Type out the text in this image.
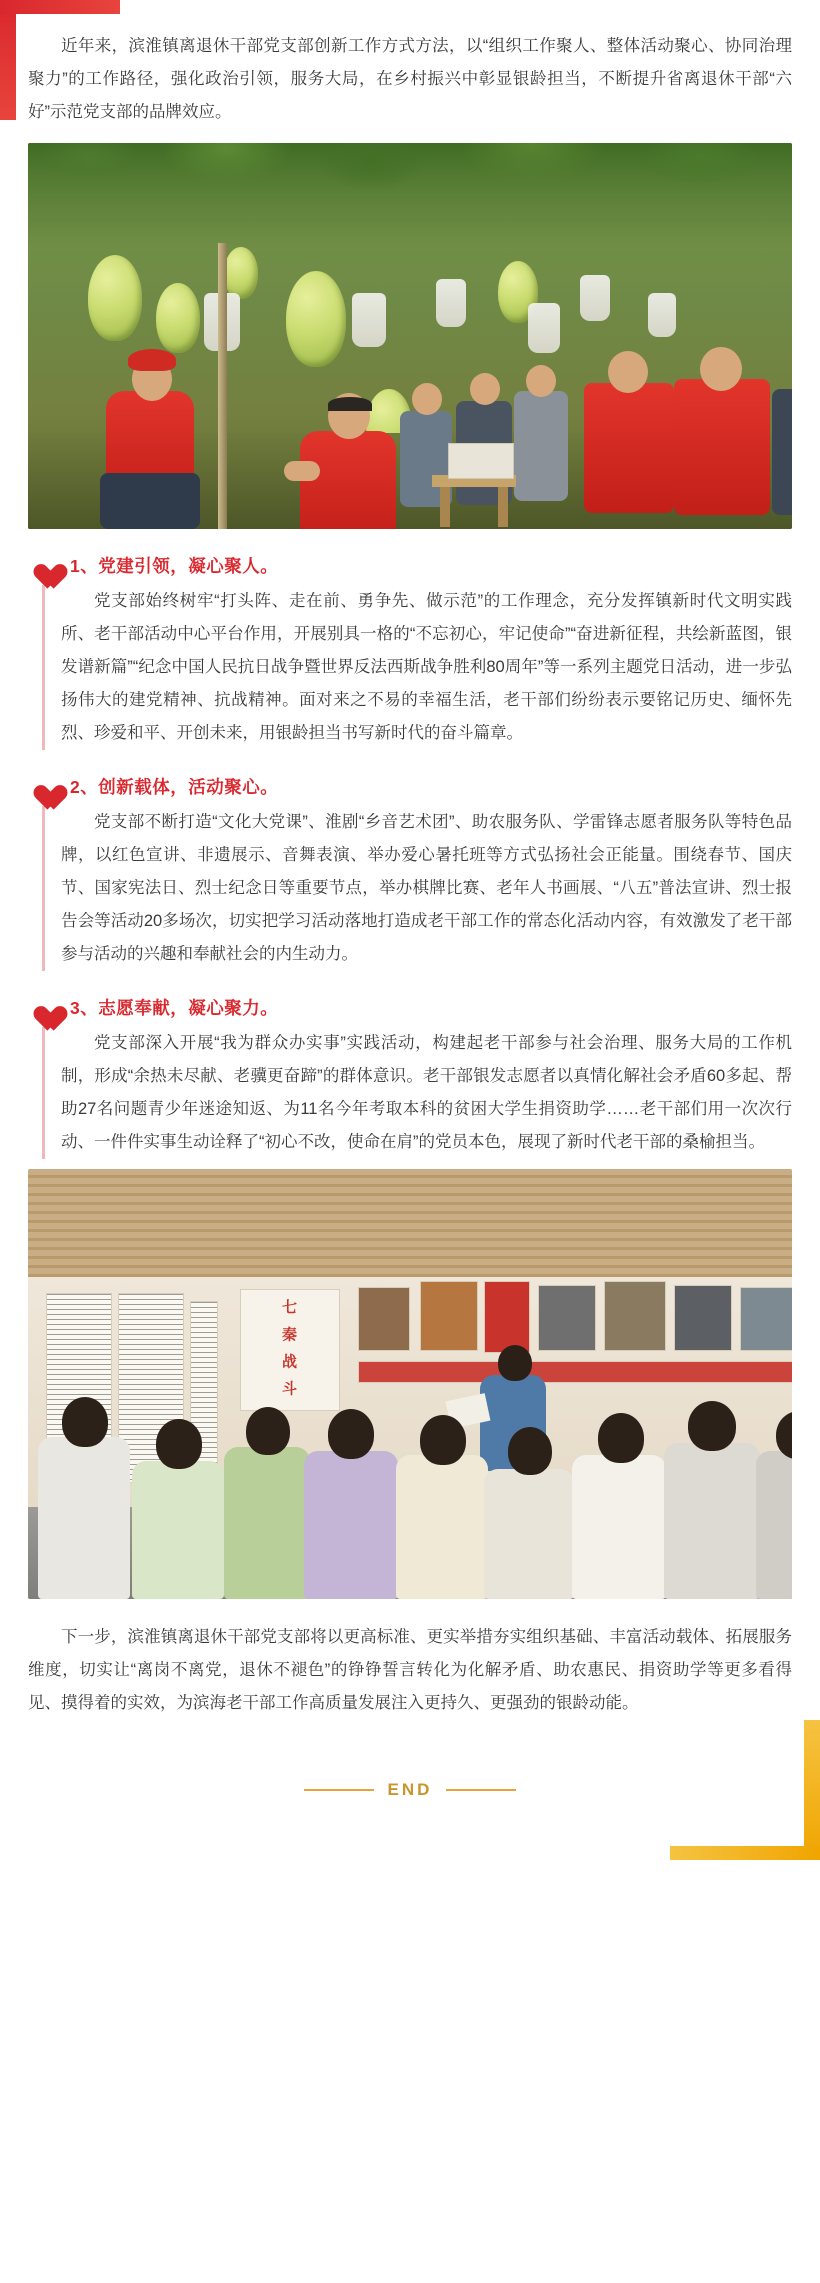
近年来，滨淮镇离退休干部党支部创新工作方式方法，以“组织工作聚人、整体活动聚心、协同治理聚力”的工作路径，强化政治引领，服务大局，在乡村振兴中彰显银龄担当，不断提升省离退休干部“六好”示范党支部的品牌效应。

1、党建引领，凝心聚人。

党支部始终树牢“打头阵、走在前、勇争先、做示范”的工作理念，充分发挥镇新时代文明实践所、老干部活动中心平台作用，开展别具一格的“不忘初心，牢记使命”“奋进新征程，共绘新蓝图，银发谱新篇”“纪念中国人民抗日战争暨世界反法西斯战争胜利80周年”等一系列主题党日活动，进一步弘扬伟大的建党精神、抗战精神。面对来之不易的幸福生活，老干部们纷纷表示要铭记历史、缅怀先烈、珍爱和平、开创未来，用银龄担当书写新时代的奋斗篇章。

2、创新载体，活动聚心。

党支部不断打造“文化大党课”、淮剧“乡音艺术团”、助农服务队、学雷锋志愿者服务队等特色品牌，以红色宣讲、非遗展示、音舞表演、举办爱心暑托班等方式弘扬社会正能量。围绕春节、国庆节、国家宪法日、烈士纪念日等重要节点，举办棋牌比赛、老年人书画展、“八五”普法宣讲、烈士报告会等活动20多场次，切实把学习活动落地打造成老干部工作的常态化活动内容，有效激发了老干部参与活动的兴趣和奉献社会的内生动力。

3、志愿奉献，凝心聚力。

党支部深入开展“我为群众办实事”实践活动，构建起老干部参与社会治理、服务大局的工作机制，形成“余热未尽献、老骥更奋蹄”的群体意识。老干部银发志愿者以真情化解社会矛盾60多起、帮助27名问题青少年迷途知返、为11名今年考取本科的贫困大学生捐资助学……老干部们用一次次行动、一件件实事生动诠释了“初心不改，使命在肩”的党员本色，展现了新时代老干部的桑榆担当。

七 秦 战 斗

下一步，滨淮镇离退休干部党支部将以更高标准、更实举措夯实组织基础、丰富活动载体、拓展服务维度，切实让“离岗不离党，退休不褪色”的铮铮誓言转化为化解矛盾、助农惠民、捐资助学等更多看得见、摸得着的实效，为滨海老干部工作高质量发展注入更持久、更强劲的银龄动能。

END
